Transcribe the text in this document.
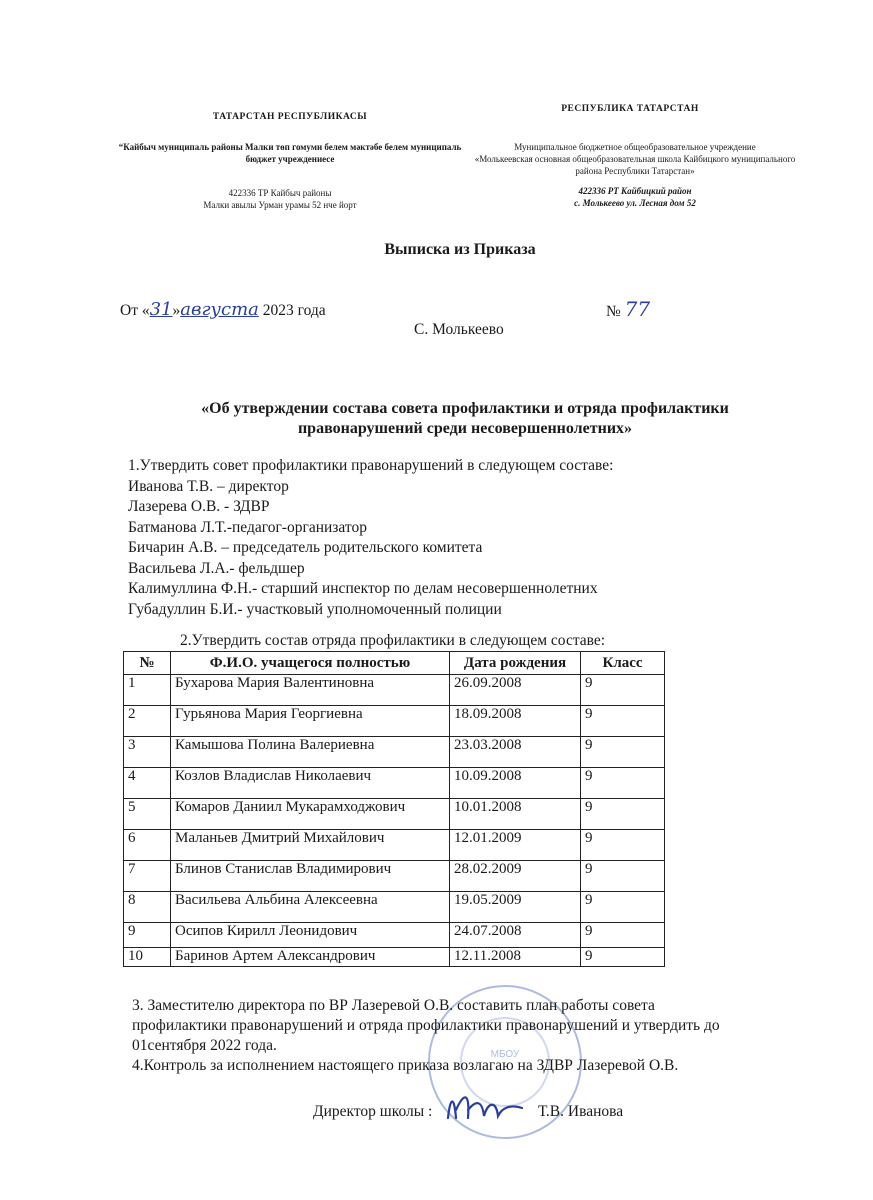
ТАТАРСТАН РЕСПУБЛИКАСЫ
“Кайбыч муниципаль районы Малки төп гомуми белем мәктәбе белем муниципаль
бюджет учреждениесе
422336 ТР Кайбыч районы
Малки авылы Урман урамы 52 нче йорт
РЕСПУБЛИКА ТАТАРСТАН
Муниципальное бюджетное общеобразовательное учреждение
«Молькеевская основная общеобразовательная школа Кайбицкого муниципального
района Республики Татарстан»
422336 РТ Кайбицкий район
с. Молькеево ул. Лесная дом 52
Выписка из Приказа
От «31»августа 2023 года	№ 77
С. Молькеево
«Об утверждении состава совета профилактики и отряда профилактики
правонарушений среди несовершеннолетних»
1.Утвердить совет профилактики правонарушений в следующем составе:
Иванова Т.В. – директор
Лазерева О.В. - ЗДВР
Батманова Л.Т.-педагог-организатор
Бичарин А.В. – председатель родительского комитета
Васильева Л.А.- фельдшер
Калимуллина Ф.Н.- старший инспектор по делам несовершеннолетних
Губадуллин Б.И.- участковый уполномоченный полиции
2.Утвердить состав отряда профилактики в следующем составе:
№	Ф.И.О. учащегося полностью	Дата рождения	Класс
1	Бухарова Мария Валентиновна	26.09.2008	9
2	Гурьянова Мария Георгиевна	18.09.2008	9
3	Камышова Полина Валериевна	23.03.2008	9
4	Козлов Владислав Николаевич	10.09.2008	9
5	Комаров Даниил Мукарамходжович	10.01.2008	9
6	Маланьев Дмитрий Михайлович	12.01.2009	9
7	Блинов Станислав Владимирович	28.02.2009	9
8	Васильева Альбина Алексеевна	19.05.2009	9
9	Осипов Кирилл Леонидович	24.07.2008	9
10	Баринов Артем Александрович	12.11.2008	9
МБОУ
3. Заместителю директора по ВР Лазеревой О.В. составить план работы совета
профилактики правонарушений и отряда профилактики правонарушений и утвердить до
01сентября 2022 года.
4.Контроль за исполнением настоящего приказа возлагаю на ЗДВР Лазеревой О.В.
Директор школы :	Т.В. Иванова
